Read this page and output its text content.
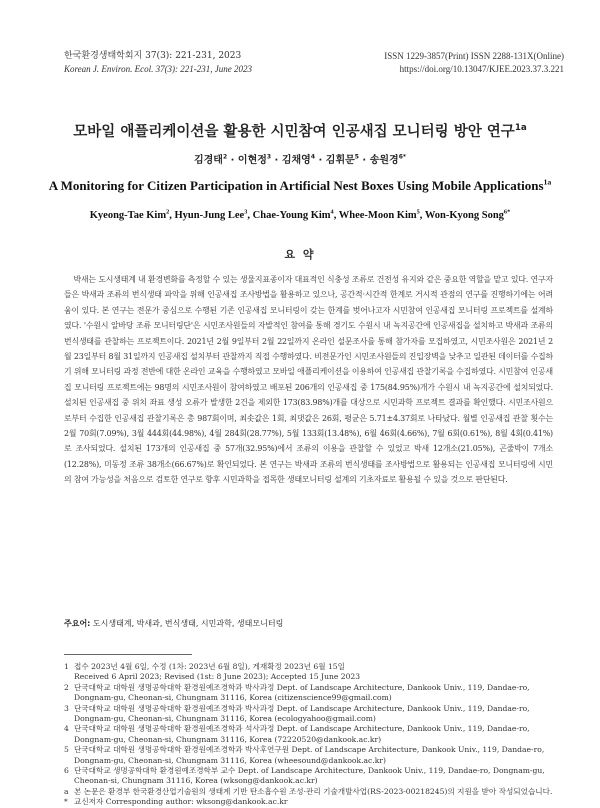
한국환경생태학회지 37(3): 221-231, 2023
Korean J. Environ. Ecol. 37(3): 221-231, June 2023
ISSN 1229-3857(Print) ISSN 2288-131X(Online)
https://doi.org/10.13047/KJEE.2023.37.3.221
모바일 애플리케이션을 활용한 시민참여 인공새집 모니터링 방안 연구$^{1a}$
김경태$^2$ · 이현정$^3$ · 김채영$^4$ · 김휘문$^5$ · 송원경$^{6*}$
A Monitoring for Citizen Participation in Artificial Nest Boxes Using Mobile Applications$^{1a}$
Kyeong-Tae Kim$^2$, Hyun-Jung Lee$^3$, Chae-Young Kim$^4$, Whee-Moon Kim$^5$, Won-Kyong Song$^{6*}$
요 약
박새는 도시생태계 내 환경변화를 측정할 수 있는 생물지표종이자 대표적인 식충성 조류로 건전성 유지와 같은 중요한 역할을 맡고 있다. 연구자들은 박새과 조류의 번식생태 파악을 위해 인공새집 조사방법을 활용하고 있으나, 공간적·시간적 한계로 거시적 관점의 연구를 진행하기에는 어려움이 있다. 본 연구는 전문가 중심으로 수행된 기존 인공새집 모니터링이 갖는 한계를 벗어나고자 시민참여 인공새집 모니터링 프로젝트를 설계하였다. '수원시 알바당 조류 모니터링단'은 시민조사원들의 자발적인 참여를 통해 경기도 수원시 내 녹지공간에 인공새집을 설치하고 박새과 조류의 번식생태를 관찰하는 프로젝트이다. 2021년 2월 9일부터 2월 22일까지 온라인 설문조사를 통해 참가자를 모집하였고, 시민조사원은 2021년 2월 23일부터 8월 31일까지 인공새집 설치부터 관찰까지 직접 수행하였다. 비전문가인 시민조사원들의 진입장벽을 낮추고 일관된 데이터를 수집하기 위해 모니터링 과정 전반에 대한 온라인 교육을 수행하였고 모바일 애플리케이션을 이용하여 인공새집 관찰기록을 수집하였다. 시민참여 인공새집 모니터링 프로젝트에는 98명의 시민조사원이 참여하였고 배포된 206개의 인공새집 중 175(84.95%)개가 수원시 내 녹지공간에 설치되었다. 설치된 인공새집 중 위치 좌표 생성 오류가 발생한 2건을 제외한 173(83.98%)개를 대상으로 시민과학 프로젝트 결과를 확인했다. 시민조사원으로부터 수집한 인공새집 관찰기록은 총 987회이며, 최솟값은 1회, 최댓값은 26회, 평균은 5.71±4.37회로 나타났다. 월별 인공새집 관찰 횟수는 2월 70회(7.09%), 3월 444회(44.98%), 4월 284회(28.77%), 5월 133회(13.48%), 6월 46회(4.66%), 7월 6회(0.61%), 8월 4회(0.41%)로 조사되었다. 설치된 173개의 인공새집 중 57개(32.95%)에서 조류의 이용을 관찰할 수 있었고 박새 12개소(21.05%), 곤줄박이 7개소(12.28%), 미동정 조류 38개소(66.67%)로 확인되었다. 본 연구는 박새과 조류의 번식생태를 조사방법으로 활용되는 인공새집 모니터링에 시민의 참여 가능성을 처음으로 검토한 연구로 향후 시민과학을 접목한 생태모니터링 설계의 기초자료로 활용될 수 있을 것으로 판단된다.
주요어: 도시생태계, 박새과, 번식생태, 시민과학, 생태모니터링
1 접수 2023년 4월 6일, 수정 (1차: 2023년 6월 8일), 게재확정 2023년 6월 15일
Received 6 April 2023; Revised (1st: 8 June 2023); Accepted 15 June 2023
2 단국대학교 대학원 생명공학대학 환경원예조경학과 박사과정 Dept. of Landscape Architecture, Dankook Univ., 119, Dandae-ro, Dongnam-gu, Cheonan-si, Chungnam 31116, Korea (citizenscience99@gmail.com)
3 단국대학교 대학원 생명공학대학 환경원예조경학과 박사과정 Dept. of Landscape Architecture, Dankook Univ., 119, Dandae-ro, Dongnam-gu, Cheonan-si, Chungnam 31116, Korea (ecologyahoo@gmail.com)
4 단국대학교 대학원 생명공학대학 환경원예조경학과 석사과정 Dept. of Landscape Architecture, Dankook Univ., 119, Dandae-ro, Dongnam-gu, Cheonan-si, Chungnam 31116, Korea (72220520@dankook.ac.kr)
5 단국대학교 대학원 생명공학대학 환경원예조경학과 박사후연구원 Dept. of Landscape Architecture, Dankook Univ., 119, Dandae-ro, Dongnam-gu, Cheonan-si, Chungnam 31116, Korea (wheesound@dankook.ac.kr)
6 단국대학교 생명공학대학 환경원예조경학부 교수 Dept. of Landscape Architecture, Dankook Univ., 119, Dandae-ro, Dongnam-gu, Cheonan-si, Chungnam 31116, Korea (wksong@dankook.ac.kr)
a 본 논문은 환경부 한국환경산업기술원의 생태계 기반 탄소흡수원 조성·관리 기술개발사업(RS-2023-00218245)의 지원을 받아 작성되었습니다.
* 교신저자 Corresponding author: wksong@dankook.ac.kr
